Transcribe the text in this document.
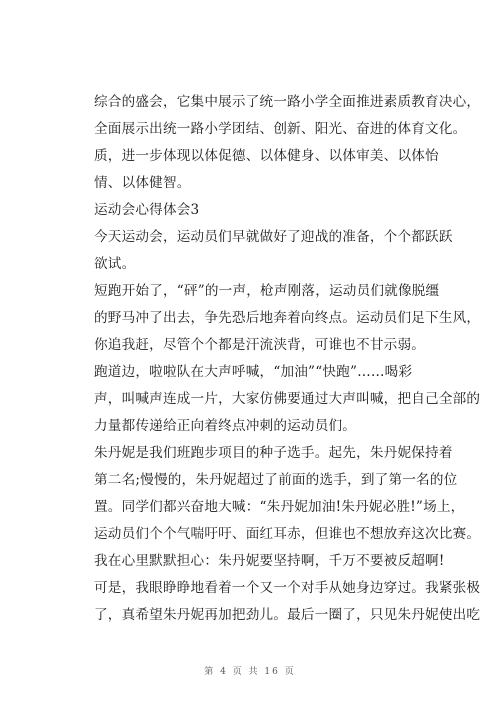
综合的盛会，它集中展示了统一路小学全面推进素质教育决心，
全面展示出统一路小学团结、创新、阳光、奋进的体育文化。
质，进一步体现以体促德、以体健身、以体审美、以体怡
情、以体健智。
运动会心得体会3
今天运动会，运动员们早就做好了迎战的准备，个个都跃跃
欲试。
短跑开始了，“砰”的一声，枪声刚落，运动员们就像脱缰
的野马冲了出去，争先恐后地奔着向终点。运动员们足下生风，
你追我赶，尽管个个都是汗流浃背，可谁也不甘示弱。
跑道边，啦啦队在大声呼喊，“加油”“快跑”……喝彩
声，叫喊声连成一片，大家仿佛要通过大声叫喊，把自己全部的
力量都传递给正向着终点冲刺的运动员们。
朱丹妮是我们班跑步项目的种子选手。起先，朱丹妮保持着
第二名;慢慢的，朱丹妮超过了前面的选手，到了第一名的位
置。同学们都兴奋地大喊：“朱丹妮加油!朱丹妮必胜!”场上，
运动员们个个气喘吁吁、面红耳赤，但谁也不想放弃这次比赛。
我在心里默默担心：朱丹妮要坚持啊，千万不要被反超啊!
可是，我眼睁睁地看着一个又一个对手从她身边穿过。我紧张极
了，真希望朱丹妮再加把劲儿。最后一圈了，只见朱丹妮使出吃
第 4 页 共 16 页
